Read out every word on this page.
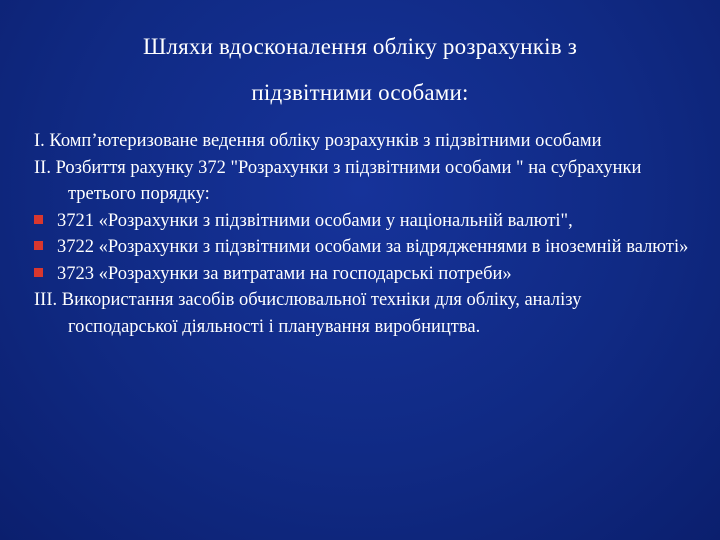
Шляхи вдосконалення обліку розрахунків з
підзвітними особами:

І. Комп’ютеризоване ведення обліку розрахунків з підзвітними особами

ІІ. Розбиття рахунку 372 "Розрахунки з підзвітними особами " на субрахунки третього порядку:

3721 «Розрахунки з підзвітними особами у національній валюті",

3722 «Розрахунки з підзвітними особами за відрядженнями в іноземній валюті»

3723 «Розрахунки за витратами на господарські потреби»

ІІІ. Використання засобів обчислювальної техніки для обліку, аналізу господарської діяльності і планування виробництва.
